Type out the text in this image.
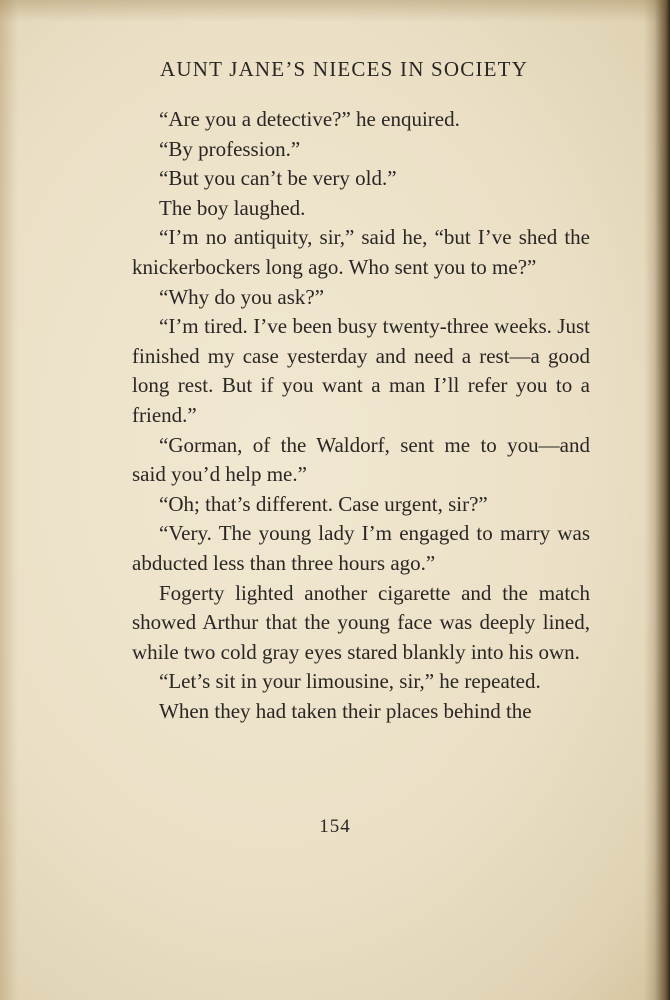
AUNT JANE’S NIECES IN SOCIETY

“Are you a detective?” he enquired.

“By profession.”

“But you can’t be very old.”

The boy laughed.

“I’m no antiquity, sir,” said he, “but I’ve shed the knickerbockers long ago. Who sent you to me?”

“Why do you ask?”

“I’m tired. I’ve been busy twenty-three weeks. Just finished my case yesterday and need a rest—a good long rest. But if you want a man I’ll refer you to a friend.”

“Gorman, of the Waldorf, sent me to you—and said you’d help me.”

“Oh; that’s different. Case urgent, sir?”

“Very. The young lady I’m engaged to marry was abducted less than three hours ago.”

Fogerty lighted another cigarette and the match showed Arthur that the young face was deeply lined, while two cold gray eyes stared blankly into his own.

“Let’s sit in your limousine, sir,” he repeated.

When they had taken their places behind the

154
